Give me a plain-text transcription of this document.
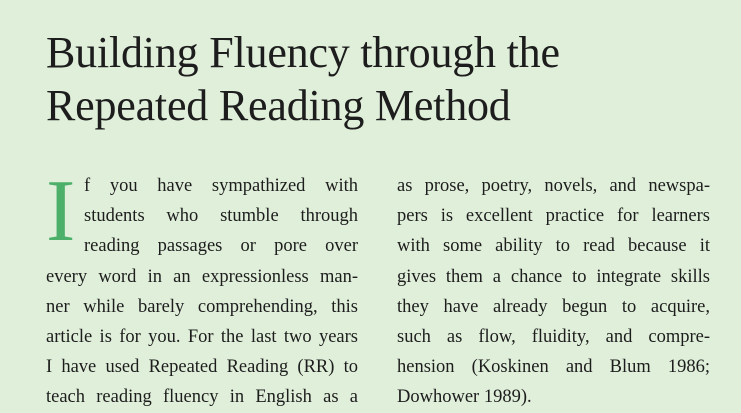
Building Fluency through the
Repeated Reading Method
I f you have sympathized with
students who stumble through
reading passages or pore over
every word in an expressionless man-
ner while barely comprehending, this
article is for you. For the last two years
I have used Repeated Reading (RR) to
teach reading fluency in English as a
as prose, poetry, novels, and newspa-
pers is excellent practice for learners
with some ability to read because it
gives them a chance to integrate skills
they have already begun to acquire,
such as flow, fluidity, and compre-
hension (Koskinen and Blum 1986;
Dowhower 1989).
